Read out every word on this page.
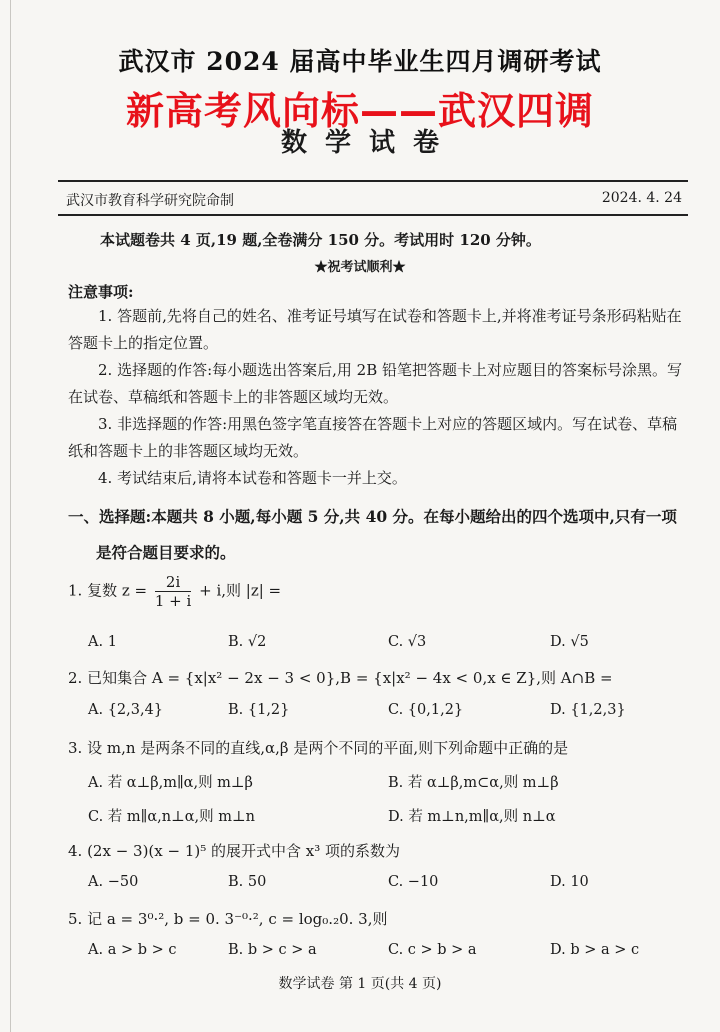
武汉市 2024 届高中毕业生四月调研考试
新高考风向标——武汉四调
数学试卷
武汉市教育科学研究院命制	2024. 4. 24
本试题卷共 4 页,19 题,全卷满分 150 分。考试用时 120 分钟。
★祝考试顺利★
注意事项:
1. 答题前,先将自己的姓名、准考证号填写在试卷和答题卡上,并将准考证号条形码粘贴在答题卡上的指定位置。
2. 选择题的作答:每小题选出答案后,用 2B 铅笔把答题卡上对应题目的答案标号涂黑。写在试卷、草稿纸和答题卡上的非答题区域均无效。
3. 非选择题的作答:用黑色签字笔直接答在答题卡上对应的答题区域内。写在试卷、草稿纸和答题卡上的非答题区域均无效。
4. 考试结束后,请将本试卷和答题卡一并上交。
一、选择题:本题共 8 小题,每小题 5 分,共 40 分。在每小题给出的四个选项中,只有一项
是符合题目要求的。
1. 复数 $z = \frac{2i}{1 + i} + i$,则 |z| =
A. 1	B. √2	C. √3	D. √5
2. 已知集合 A = {x|x² − 2x − 3 < 0},B = {x|x² − 4x < 0,x ∈ Z},则 A∩B =
A. {2,3,4}	B. {1,2}	C. {0,1,2}	D. {1,2,3}
3. 设 m,n 是两条不同的直线,α,β 是两个不同的平面,则下列命题中正确的是
A. 若 α⊥β,m∥α,则 m⊥β	B. 若 α⊥β,m⊂α,则 m⊥β
C. 若 m∥α,n⊥α,则 m⊥n	D. 若 m⊥n,m∥α,则 n⊥α
4. (2x − 3)(x − 1)⁵ 的展开式中含 x³ 项的系数为
A. −50	B. 50	C. −10	D. 10
5. 记 a = 3⁰·², b = 0. 3⁻⁰·², c = log₀.₂0. 3,则
A. a > b > c	B. b > c > a	C. c > b > a	D. b > a > c
数学试卷 第 1 页(共 4 页)
